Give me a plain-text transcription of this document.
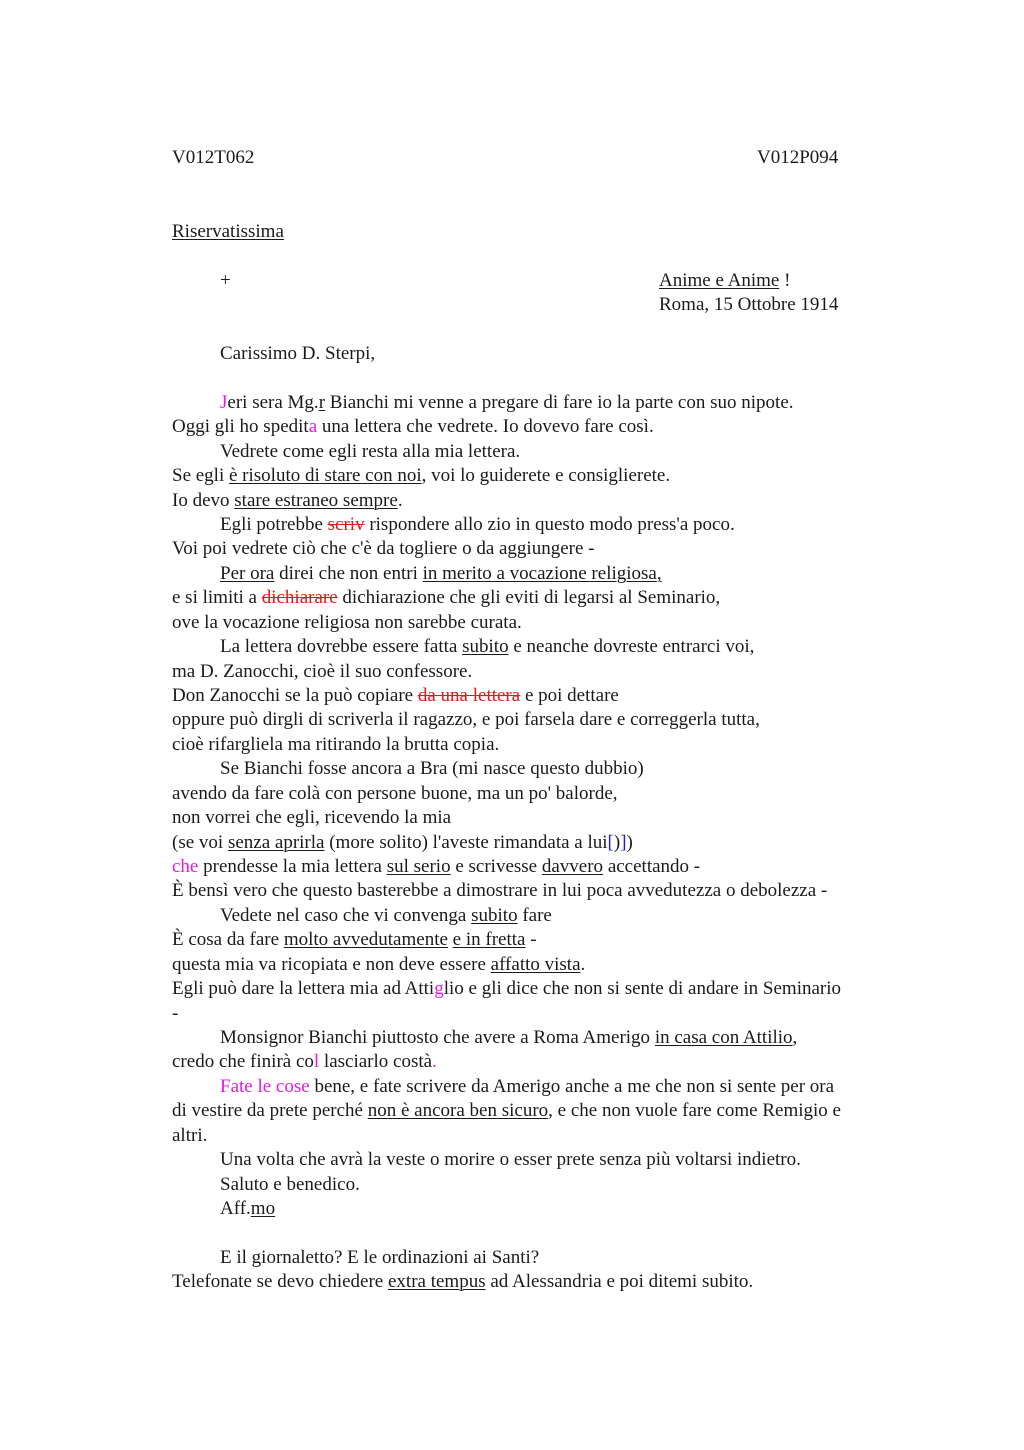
V012T062	V012P094
Riservatissima
+	Anime e Anime !
Roma, 15 Ottobre 1914
Carissimo D. Sterpi,
Jeri sera Mg.r Bianchi mi venne a pregare di fare io la parte con suo nipote.
Oggi gli ho spedita una lettera che vedrete. Io dovevo fare così.
Vedrete come egli resta alla mia lettera.
Se egli è risoluto di stare con noi, voi lo guiderete e consiglierete.
Io devo stare estraneo sempre.
Egli potrebbe scriv rispondere allo zio in questo modo press'a poco.
Voi poi vedrete ciò che c'è da togliere o da aggiungere -
Per ora direi che non entri in merito a vocazione religiosa,
e si limiti a dichiarare dichiarazione che gli eviti di legarsi al Seminario,
ove la vocazione religiosa non sarebbe curata.
La lettera dovrebbe essere fatta subito e neanche dovreste entrarci voi,
ma D. Zanocchi, cioè il suo confessore.
Don Zanocchi se la può copiare da una lettera e poi dettare
oppure può dirgli di scriverla il ragazzo, e poi farsela dare e correggerla tutta,
cioè rifargliela ma ritirando la brutta copia.
Se Bianchi fosse ancora a Bra (mi nasce questo dubbio)
avendo da fare colà con persone buone, ma un po' balorde,
non vorrei che egli, ricevendo la mia
(se voi senza aprirla (more solito) l'aveste rimandata a lui[)])
che prendesse la mia lettera sul serio e scrivesse davvero accettando -
È bensì vero che questo basterebbe a dimostrare in lui poca avvedutezza o debolezza -
Vedete nel caso che vi convenga subito fare
È cosa da fare molto avvedutamente e in fretta -
questa mia va ricopiata e non deve essere affatto vista.
Egli può dare la lettera mia ad Attiglio e gli dice che non si sente di andare in Seminario
-
Monsignor Bianchi piuttosto che avere a Roma Amerigo in casa con Attilio,
credo che finirà col lasciarlo costà.
Fate le cose bene, e fate scrivere da Amerigo anche a me che non si sente per ora
di vestire da prete perché non è ancora ben sicuro, e che non vuole fare come Remigio e
altri.
Una volta che avrà la veste o morire o esser prete senza più voltarsi indietro.
Saluto e benedico.
Aff.mo
E il giornaletto? E le ordinazioni ai Santi?
Telefonate se devo chiedere extra tempus ad Alessandria e poi ditemi subito.
